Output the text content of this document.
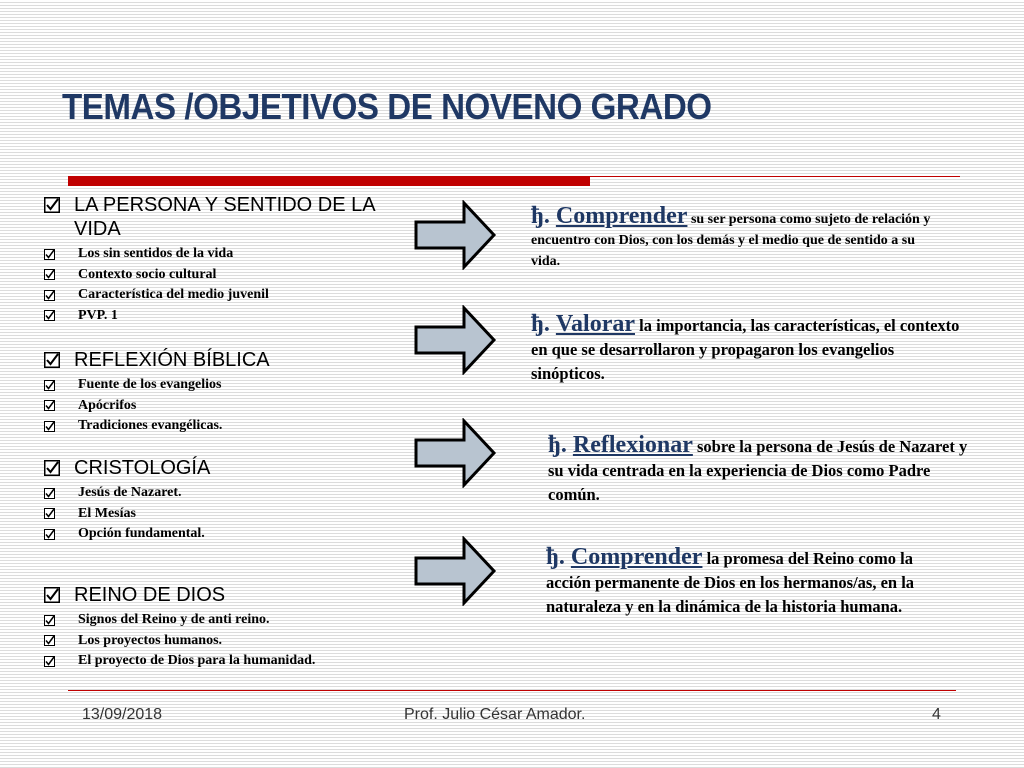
TEMAS /OBJETIVOS DE NOVENO GRADO
LA PERSONA Y SENTIDO DE LA VIDA
Los sin sentidos de la vida
Contexto socio cultural
Característica del medio juvenil
PVP. 1
REFLEXIÓN BÍBLICA
Fuente de los evangelios
Apócrifos
Tradiciones evangélicas.
CRISTOLOGÍA
Jesús de Nazaret.
El Mesías
Opción fundamental.
REINO DE DIOS
Signos del Reino y de anti reino.
Los proyectos humanos.
El proyecto de Dios para la humanidad.
ђ. Comprender su ser persona como sujeto de relación y encuentro con Dios, con los demás y el medio que de sentido a su vida.
ђ. Valorar la importancia, las características, el contexto en que se desarrollaron y propagaron los evangelios sinópticos.
ђ. Reflexionar sobre la persona de Jesús de Nazaret y su vida centrada en la experiencia de Dios como Padre común.
ђ. Comprender la promesa del Reino como la acción permanente de Dios en los hermanos/as, en la naturaleza y en la dinámica de la historia humana.
13/09/2018	Prof. Julio César Amador.	4
